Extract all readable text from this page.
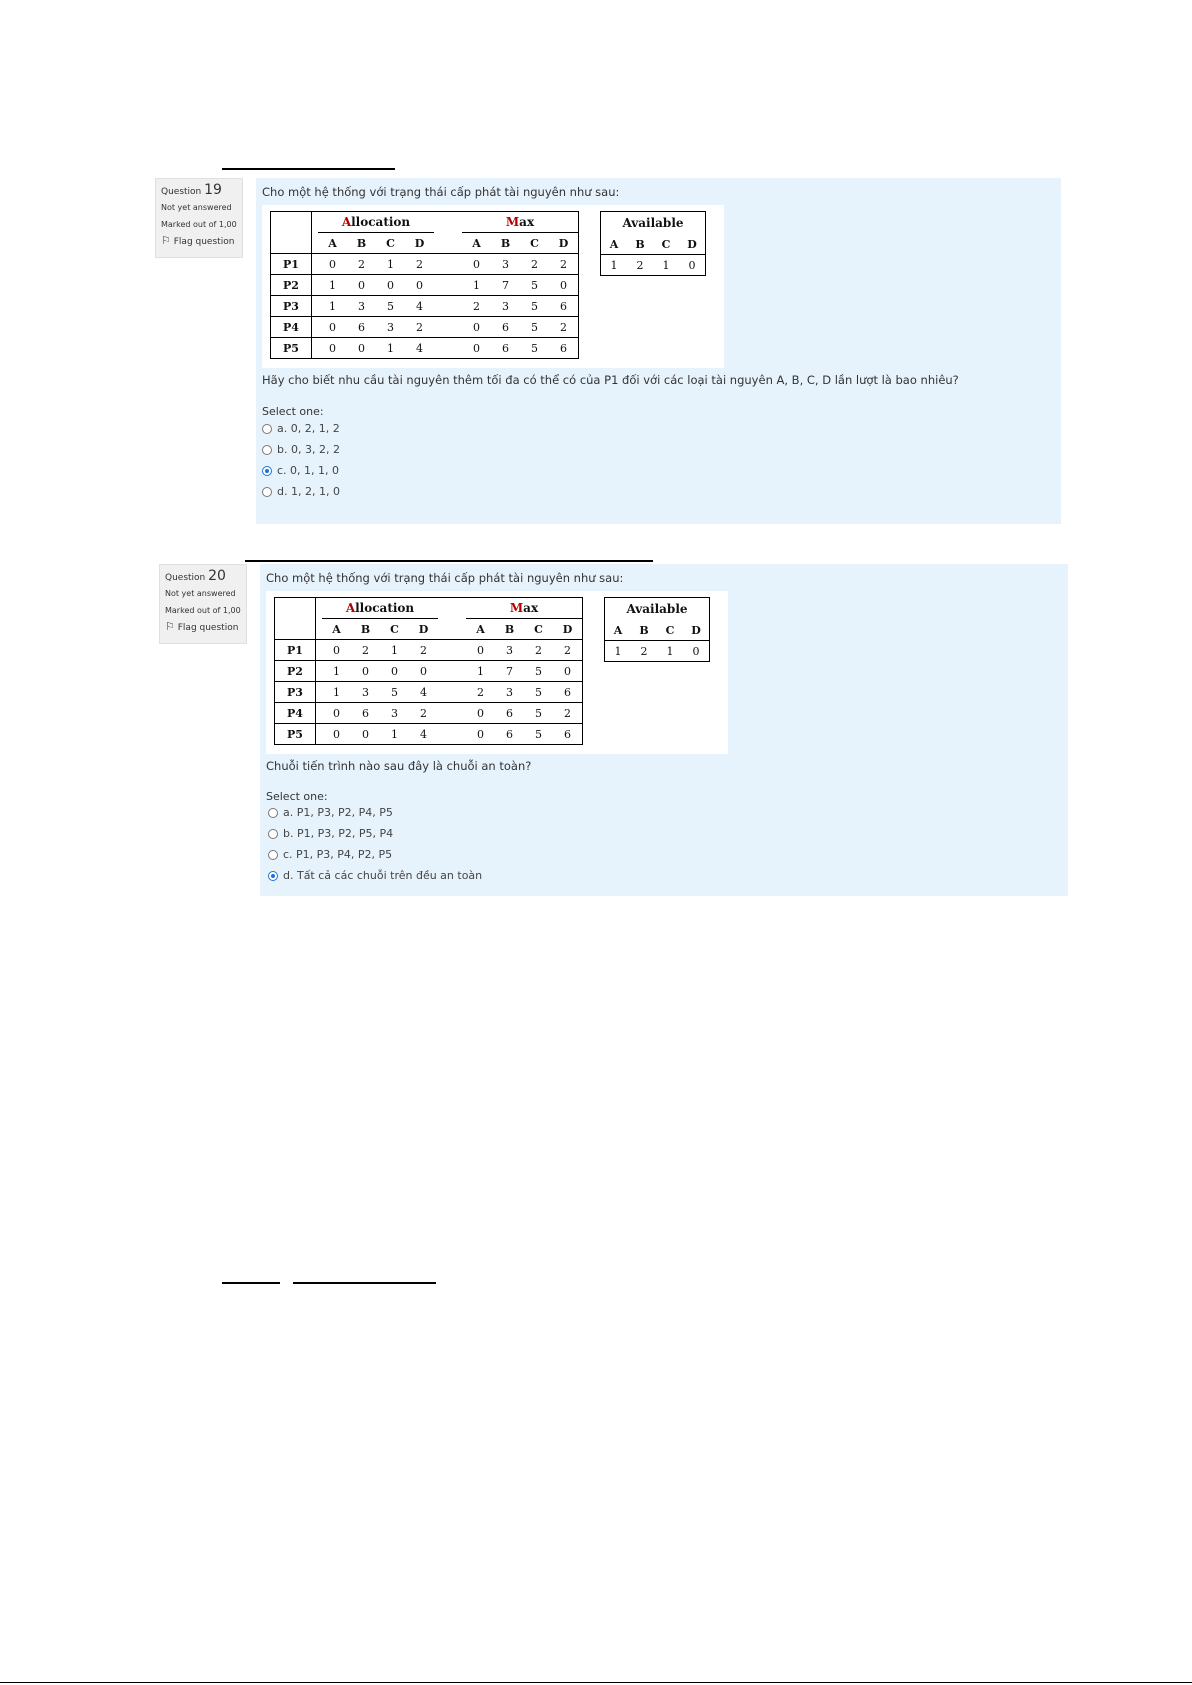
Question 19
Not yet answered
Marked out of 1,00
⚐ Flag question
Cho một hệ thống với trạng thái cấp phát tài nguyên như sau:
		Allocation					Max			
		A	B	C	D		A	B	C	D
P1		0	2	1	2		0	3	2	2
P2		1	0	0	0		1	7	5	0
P3		1	3	5	4		2	3	5	6
P4		0	6	3	2		0	6	5	2
P5		0	0	1	4		0	6	5	6
Available			
A	B	C	D
1	2	1	0
Hãy cho biết nhu cầu tài nguyên thêm tối đa có thể có của P1 đối với các loại tài nguyên A, B, C, D lần lượt là bao nhiêu?
Select one:
a. 0, 2, 1, 2
b. 0, 3, 2, 2
c. 0, 1, 1, 0
d. 1, 2, 1, 0
Question 20
Not yet answered
Marked out of 1,00
⚐ Flag question
Cho một hệ thống với trạng thái cấp phát tài nguyên như sau:
		Allocation					Max			
		A	B	C	D		A	B	C	D
P1		0	2	1	2		0	3	2	2
P2		1	0	0	0		1	7	5	0
P3		1	3	5	4		2	3	5	6
P4		0	6	3	2		0	6	5	2
P5		0	0	1	4		0	6	5	6
Available			
A	B	C	D
1	2	1	0
Chuỗi tiến trình nào sau đây là chuỗi an toàn?
Select one:
a. P1, P3, P2, P4, P5
b. P1, P3, P2, P5, P4
c. P1, P3, P4, P2, P5
d. Tất cả các chuỗi trên đều an toàn
